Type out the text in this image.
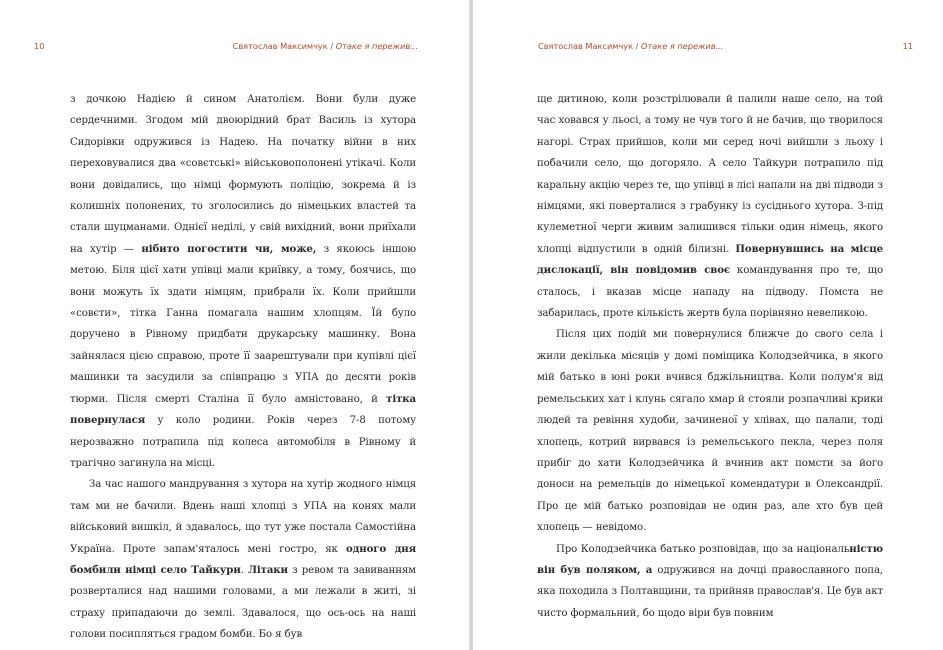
10	Святослав Максимчук / Отаке я пережив...

з дочкою Надією й сином Анатолієм. Вони були дуже сердечними. Згодом мій двоюрідний брат Василь із хутора Сидорівки одружився із Надею. На початку війни в них переховувалися два «совєтські» військовополонені утікачі. Коли вони довідались, що німці формують поліцію, зокрема й із колишніх полонених, то зголосились до німецьких властей та стали шуцманами. Однієї неділі, у свій вихідний, вони приїхали на хутір — нібито погостити чи, може, з якоюсь іншою метою. Біля цієї хати упівці мали криївку, а тому, боячись, що вони можуть їх здати німцям, прибрали їх. Коли прийшли «совєти», тітка Ганна помагала нашим хлопцям. Їй було доручено в Рівному придбати друкарську машинку. Вона зайнялася цією справою, проте її заарештували при купівлі цієї машинки та засудили за співпрацю з УПА до десяти років тюрми. Після смерті Сталіна її було амністовано, й тітка повернулася у коло родини. Років через 7-8 потому нерозважно потрапила під колеса автомобіля в Рівному й трагічно загинула на місці.

За час нашого мандрування з хутора на хутір жодного німця там ми не бачили. Вдень наші хлопці з УПА на конях мали військовий вишкіл, й здавалось, що тут уже постала Самостійна Україна. Проте запам'яталось мені гостро, як одного дня бомбили німці село Тайкури. Літаки з ревом та завиванням розверталися над нашими головами, а ми лежали в житі, зі страху припадаючи до землі. Здавалося, що ось-ось на наші голови посипляться градом бомби. Бо я був

Святослав Максимчук / Отаке я пережив...	11

ще дитиною, коли розстрілювали й палили наше село, на той час ховався у льосі, а тому не чув того й не бачив, що творилося нагорі. Страх прийшов, коли ми серед ночі вийшли з льоху і побачили село, що догоряло. А село Тайкури потрапило під каральну акцію через те, що упівці в лісі напали на дві підводи з німцями, які поверталися з грабунку із сусіднього хутора. З-під кулеметної черги живим залишився тільки один німець, якого хлопці відпустили в одній білизні. Повернувшись на місце дислокації, він повідомив своє командування про те, що сталось, і вказав місце нападу на підводу. Помста не забарилась, проте кількість жертв була порівняно невеликою.

Після цих подій ми повернулися ближче до свого села і жили декілька місяців у домі поміщика Колодзейчика, в якого мій батько в юні роки вчився бджільництва. Коли полум'я від ремельських хат і клунь сягало хмар й стояли розпачливі крики людей та ревіння худоби, зачиненої у хлівах, що палали, тоді хлопець, котрий вирвався із ремельського пекла, через поля прибіг до хати Колодзейчика й вчинив акт помсти за його доноси на ремельців до німецької комендатури в Олександрії. Про це мій батько розповідав не один раз, але хто був цей хлопець — невідомо.

Про Колодзейчика батько розповідав, що за національністю він був поляком, а одружився на дочці православного попа, яка походила з Полтавщини, та прийняв православ'я. Це був акт чисто формальний, бо щодо віри був повним
